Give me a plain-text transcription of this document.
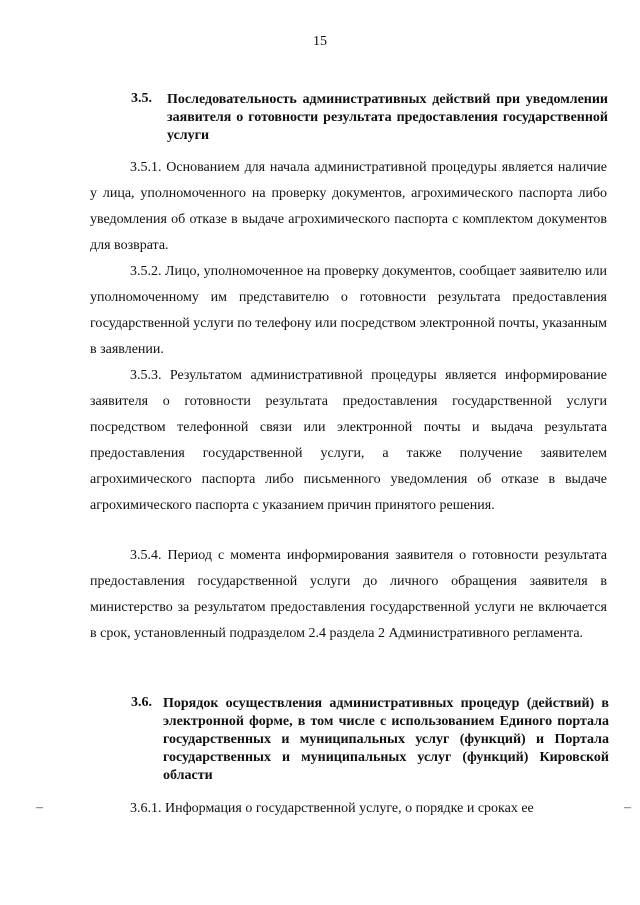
15
3.5. Последовательность административных действий при уведомлении заявителя о готовности результата предоставления государственной услуги

3.5.1. Основанием для начала административной процедуры является наличие у лица, уполномоченного на проверку документов, агрохимического паспорта либо уведомления об отказе в выдаче агрохимического паспорта с комплектом документов для возврата.

3.5.2. Лицо, уполномоченное на проверку документов, сообщает заявителю или уполномоченному им представителю о готовности результата предоставления государственной услуги по телефону или посредством электронной почты, указанным в заявлении.

3.5.3. Результатом административной процедуры является информирование заявителя о готовности результата предоставления государственной услуги посредством телефонной связи или электронной почты и выдача результата предоставления государственной услуги, а также получение заявителем агрохимического паспорта либо письменного уведомления об отказе в выдаче агрохимического паспорта с указанием причин принятого решения.

3.5.4. Период с момента информирования заявителя о готовности результата предоставления государственной услуги до личного обращения заявителя в министерство за результатом предоставления государственной услуги не включается в срок, установленный подразделом 2.4 раздела 2 Административного регламента.

3.6. Порядок осуществления административных процедур (действий) в электронной форме, в том числе с использованием Единого портала государственных и муниципальных услуг (функций) и Портала государственных и муниципальных услуг (функций) Кировской области

3.6.1. Информация о государственной услуге, о порядке и сроках ее

–	–
